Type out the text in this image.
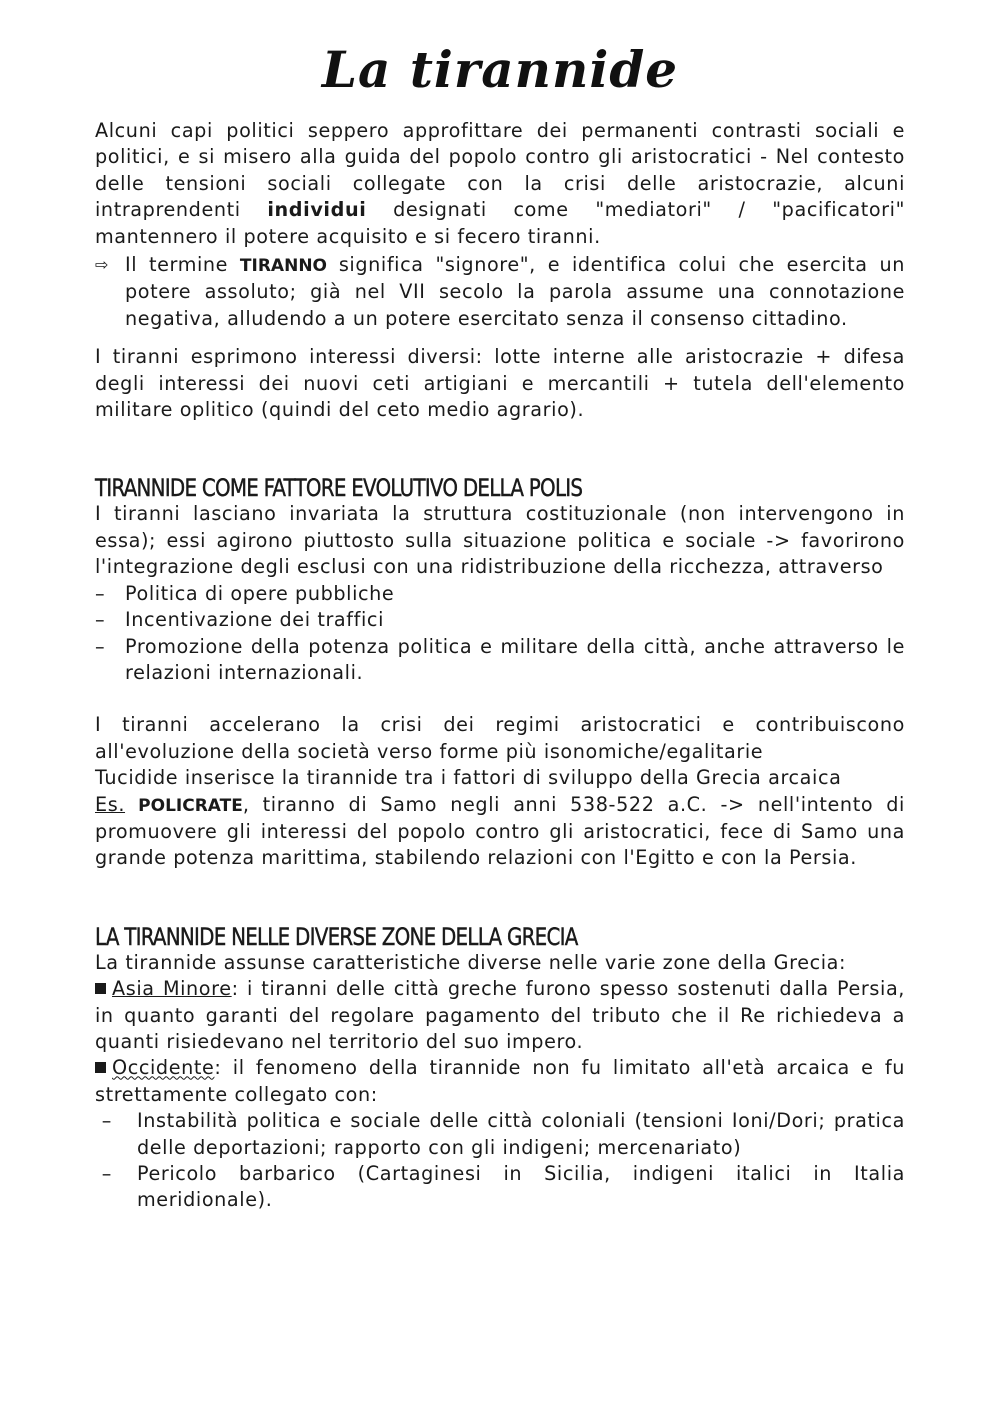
La tirannide

Alcuni capi politici seppero approfittare dei permanenti contrasti sociali e politici, e si misero alla guida del popolo contro gli aristocratici - Nel contesto delle tensioni sociali collegate con la crisi delle aristocrazie, alcuni intraprendenti individui designati come "mediatori" / "pacificatori" mantennero il potere acquisito e si fecero tiranni.

⇨ Il termine TIRANNO significa "signore", e identifica colui che esercita un potere assoluto; già nel VII secolo la parola assume una connotazione negativa, alludendo a un potere esercitato senza il consenso cittadino.

I tiranni esprimono interessi diversi: lotte interne alle aristocrazie + difesa degli interessi dei nuovi ceti artigiani e mercantili + tutela dell'elemento militare oplitico (quindi del ceto medio agrario).

TIRANNIDE COME FATTORE EVOLUTIVO DELLA POLIS

I tiranni lasciano invariata la struttura costituzionale (non intervengono in essa); essi agirono piuttosto sulla situazione politica e sociale -> favorirono l'integrazione degli esclusi con una ridistribuzione della ricchezza, attraverso

–	Politica di opere pubbliche
–	Incentivazione dei traffici
–	Promozione della potenza politica e militare della città, anche attraverso le relazioni internazionali.

I tiranni accelerano la crisi dei regimi aristocratici e contribuiscono all'evoluzione della società verso forme più isonomiche/egalitarie

Tucidide inserisce la tirannide tra i fattori di sviluppo della Grecia arcaica

Es. POLICRATE, tiranno di Samo negli anni 538-522 a.C. -> nell'intento di promuovere gli interessi del popolo contro gli aristocratici, fece di Samo una grande potenza marittima, stabilendo relazioni con l'Egitto e con la Persia.

LA TIRANNIDE NELLE DIVERSE ZONE DELLA GRECIA

La tirannide assunse caratteristiche diverse nelle varie zone della Grecia:

Asia Minore: i tiranni delle città greche furono spesso sostenuti dalla Persia, in quanto garanti del regolare pagamento del tributo che il Re richiedeva a quanti risiedevano nel territorio del suo impero.

Occidente: il fenomeno della tirannide non fu limitato all'età arcaica e fu strettamente collegato con:

–	Instabilità politica e sociale delle città coloniali (tensioni Ioni/Dori; pratica delle deportazioni; rapporto con gli indigeni; mercenariato)
–	Pericolo barbarico (Cartaginesi in Sicilia, indigeni italici in Italia meridionale).
